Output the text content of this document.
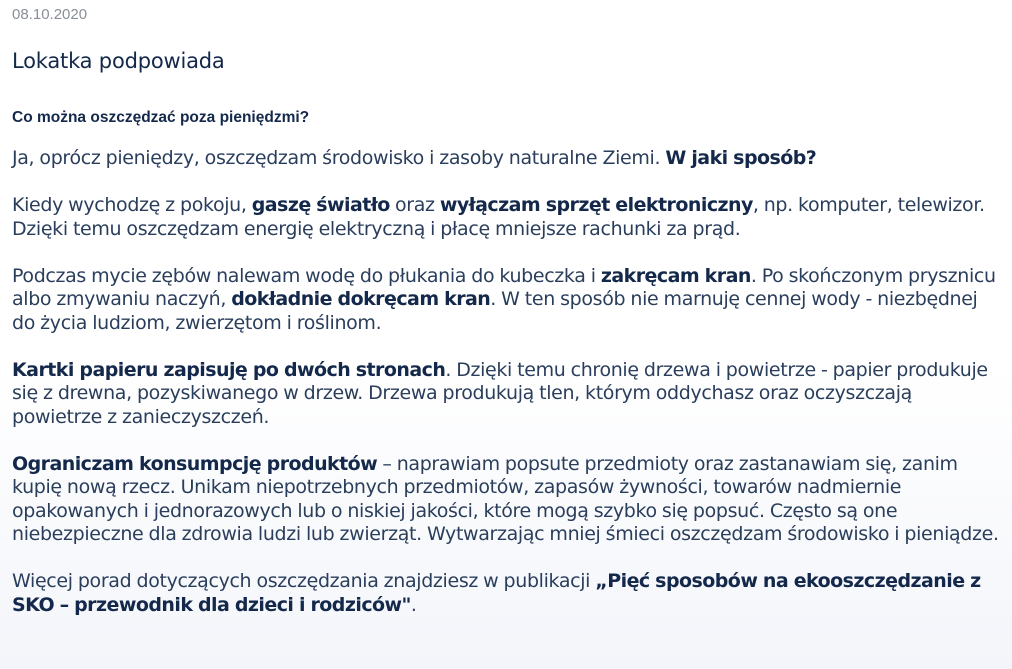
08.10.2020

Lokatka podpowiada
Co można oszczędzać poza pieniędzmi?

Ja, oprócz pieniędzy, oszczędzam środowisko i zasoby naturalne Ziemi. W jaki sposób?

Kiedy wychodzę z pokoju, gaszę światło oraz wyłączam sprzęt elektroniczny, np. komputer, telewizor. Dzięki temu oszczędzam energię elektryczną i płacę mniejsze rachunki za prąd.

Podczas mycie zębów nalewam wodę do płukania do kubeczka i zakręcam kran. Po skończonym prysznicu albo zmywaniu naczyń, dokładnie dokręcam kran. W ten sposób nie marnuję cennej wody - niezbędnej do życia ludziom, zwierzętom i roślinom.

Kartki papieru zapisuję po dwóch stronach. Dzięki temu chronię drzewa i powietrze - papier produkuje się z drewna, pozyskiwanego w drzew. Drzewa produkują tlen, którym oddychasz oraz oczyszczają powietrze z zanieczyszczeń.

Ograniczam konsumpcję produktów – naprawiam popsute przedmioty oraz zastanawiam się, zanim kupię nową rzecz. Unikam niepotrzebnych przedmiotów, zapasów żywności, towarów nadmiernie opakowanych i jednorazowych lub o niskiej jakości, które mogą szybko się popsuć. Często są one niebezpieczne dla zdrowia ludzi lub zwierząt. Wytwarzając mniej śmieci oszczędzam środowisko i pieniądze.

Więcej porad dotyczących oszczędzania znajdziesz w publikacji „Pięć sposobów na ekooszczędzanie z SKO – przewodnik dla dzieci i rodziców".
